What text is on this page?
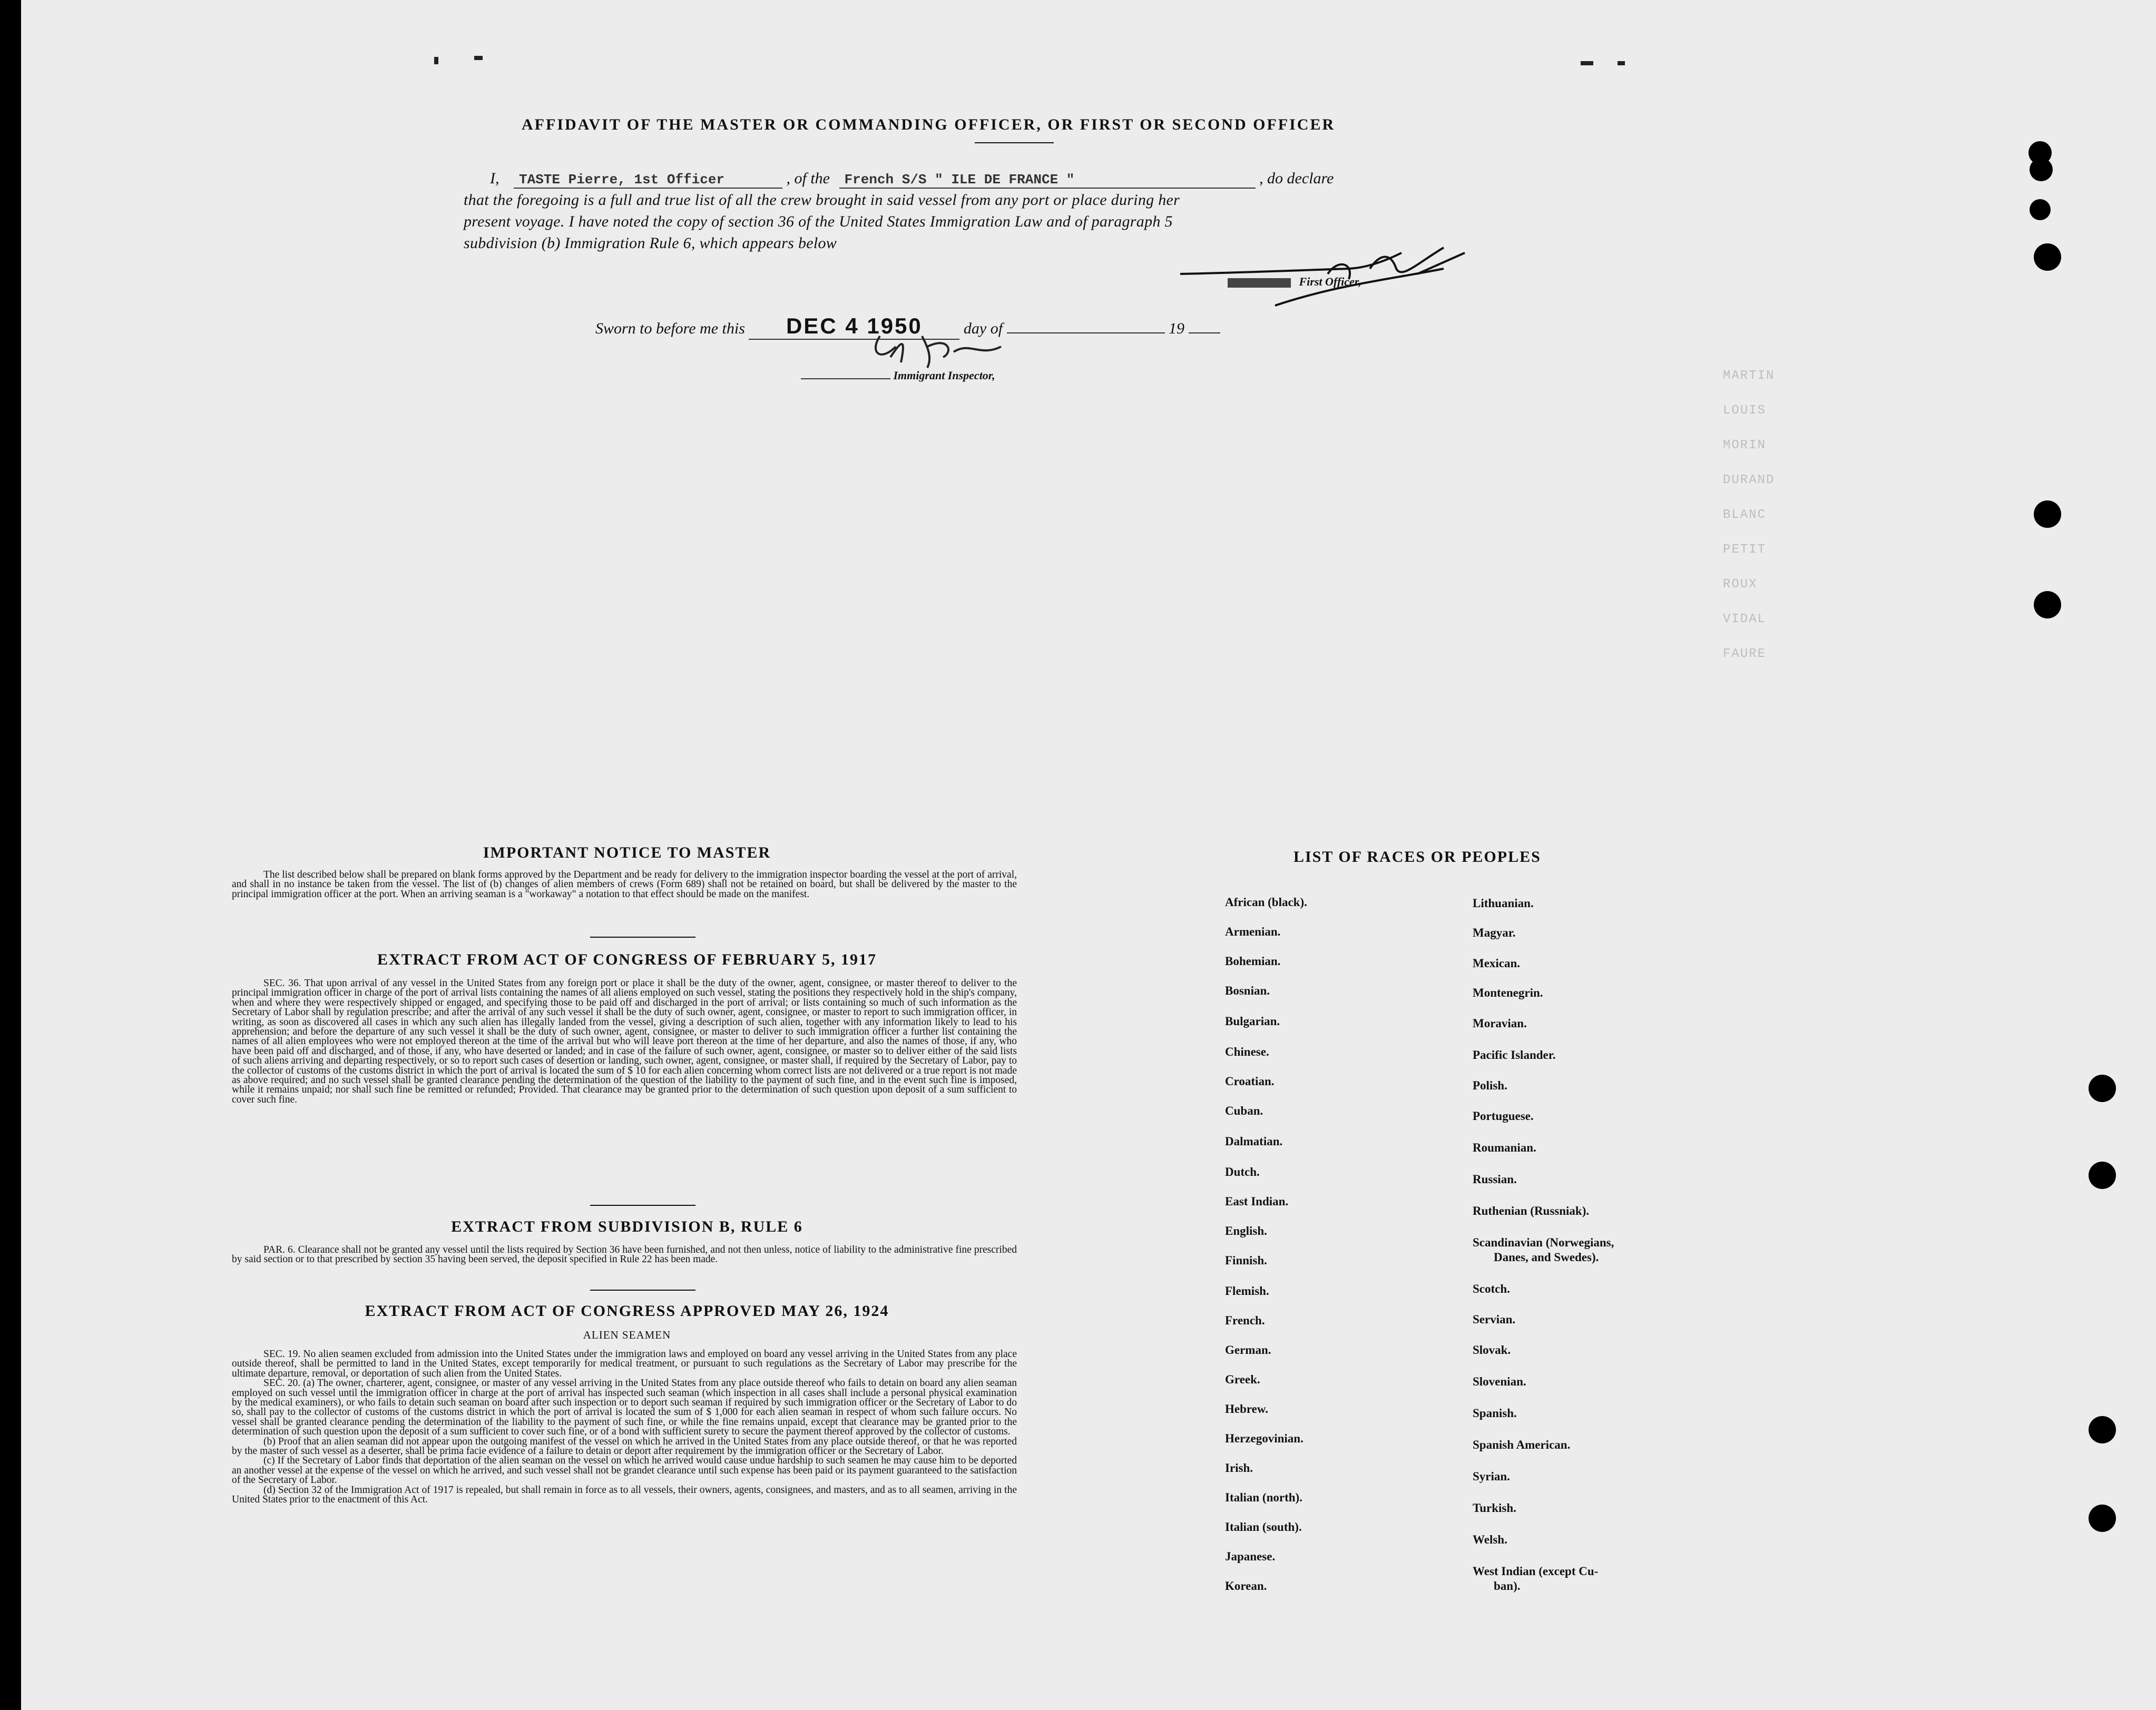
MARTIN
LOUIS
MORIN
DURAND
BLANC
PETIT
ROUX
VIDAL
FAURE
AFFIDAVIT OF THE MASTER OR COMMANDING OFFICER, OR FIRST OR SECOND OFFICER
I, TASTE Pierre, 1st Officer	, of the French S/S " ILE DE FRANCE "	, do declare
that the foregoing is a full and true list of all the crew brought in said vessel from any port or place during her
present voyage. I have noted the copy of section 36 of the United States Immigration Law and of paragraph 5
subdivision (b) Immigration Rule 6, which appears below
First Officer,
Sworn to before me this DEC 4 1950	day of	19
Immigrant Inspector,
IMPORTANT NOTICE TO MASTER

The list described below shall be prepared on blank forms approved by the Department and be ready for delivery to the immigration inspector boarding the vessel at the port of arrival, and shall in no instance be taken from the vessel. The list of (b) changes of alien members of crews (Form 689) shall not be retained on board, but shall be delivered by the master to the principal immigration officer at the port. When an arriving seaman is a "workaway" a notation to that effect should be made on the manifest.

EXTRACT FROM ACT OF CONGRESS OF FEBRUARY 5, 1917

SEC. 36. That upon arrival of any vessel in the United States from any foreign port or place it shall be the duty of the owner, agent, consignee, or master thereof to deliver to the principal immigration officer in charge of the port of arrival lists containing the names of all aliens employed on such vessel, stating the positions they respectively hold in the ship's company, when and where they were respectively shipped or engaged, and specifying those to be paid off and discharged in the port of arrival; or lists containing so much of such information as the Secretary of Labor shall by regulation prescribe; and after the arrival of any such vessel it shall be the duty of such owner, agent, consignee, or master to report to such immigration officer, in writing, as soon as discovered all cases in which any such alien has illegally landed from the vessel, giving a description of such alien, together with any information likely to lead to his apprehension; and before the departure of any such vessel it shall be the duty of such owner, agent, consignee, or master to deliver to such immigration officer a further list containing the names of all alien employees who were not employed thereon at the time of the arrival but who will leave port thereon at the time of her departure, and also the names of those, if any, who have been paid off and discharged, and of those, if any, who have deserted or landed; and in case of the failure of such owner, agent, consignee, or master so to deliver either of the said lists of such aliens arriving and departing respectively, or so to report such cases of desertion or landing, such owner, agent, consignee, or master shall, if required by the Secretary of Labor, pay to the collector of customs of the customs district in which the port of arrival is located the sum of $ 10 for each alien concerning whom correct lists are not delivered or a true report is not made as above required; and no such vessel shall be granted clearance pending the determination of the question of the liability to the payment of such fine, and in the event such fine is imposed, while it remains unpaid; nor shall such fine be remitted or refunded; Provided. That clearance may be granted prior to the determination of such question upon deposit of a sum sufficient to cover such fine.

EXTRACT FROM SUBDIVISION B, RULE 6

PAR. 6. Clearance shall not be granted any vessel until the lists required by Section 36 have been furnished, and not then unless, notice of liability to the administrative fine prescribed by said section or to that prescribed by section 35 having been served, the deposit specified in Rule 22 has been made.

EXTRACT FROM ACT OF CONGRESS APPROVED MAY 26, 1924
ALIEN SEAMEN

SEC. 19. No alien seamen excluded from admission into the United States under the immigration laws and employed on board any vessel arriving in the United States from any place outside thereof, shall be permitted to land in the United States, except temporarily for medical treatment, or pursuant to such regulations as the Secretary of Labor may prescribe for the ultimate departure, removal, or deportation of such alien from the United States.

SEC. 20. (a) The owner, charterer, agent, consignee, or master of any vessel arriving in the United States from any place outside thereof who fails to detain on board any alien seaman employed on such vessel until the immigration officer in charge at the port of arrival has inspected such seaman (which inspection in all cases shall include a personal physical examination by the medical examiners), or who fails to detain such seaman on board after such inspection or to deport such seaman if required by such immigration officer or the Secretary of Labor to do so, shall pay to the collector of customs of the customs district in which the port of arrival is located the sum of $ 1,000 for each alien seaman in respect of whom such failure occurs. No vessel shall be granted clearance pending the determination of the liability to the payment of such fine, or while the fine remains unpaid, except that clearance may be granted prior to the determination of such question upon the deposit of a sum sufficient to cover such fine, or of a bond with sufficient surety to secure the payment thereof approved by the collector of customs.

(b) Proof that an alien seaman did not appear upon the outgoing manifest of the vessel on which he arrived in the United States from any place outside thereof, or that he was reported by the master of such vessel as a deserter, shall be prima facie evidence of a failure to detain or deport after requirement by the immigration officer or the Secretary of Labor.

(c) If the Secretary of Labor finds that deportation of the alien seaman on the vessel on which he arrived would cause undue hardship to such seamen he may cause him to be deported an another vessel at the expense of the vessel on which he arrived, and such vessel shall not be grandet clearance until such expense has been paid or its payment guaranteed to the satisfaction of the Secretary of Labor.

(d) Section 32 of the Immigration Act of 1917 is repealed, but shall remain in force as to all vessels, their owners, agents, consignees, and masters, and as to all seamen, arriving in the United States prior to the enactment of this Act.

LIST OF RACES OR PEOPLES
African (black).
Armenian.
Bohemian.
Bosnian.
Bulgarian.
Chinese.
Croatian.
Cuban.
Dalmatian.
Dutch.
East Indian.
English.
Finnish.
Flemish.
French.
German.
Greek.
Hebrew.
Herzegovinian.
Irish.
Italian (north).
Italian (south).
Japanese.
Korean.
Lithuanian.
Magyar.
Mexican.
Montenegrin.
Moravian.
Pacific Islander.
Polish.
Portuguese.
Roumanian.
Russian.
Ruthenian (Russniak).
Scandinavian (Norwegians,
Danes, and Swedes).
Scotch.
Servian.
Slovak.
Slovenian.
Spanish.
Spanish American.
Syrian.
Turkish.
Welsh.
West Indian (except Cu-
ban).
